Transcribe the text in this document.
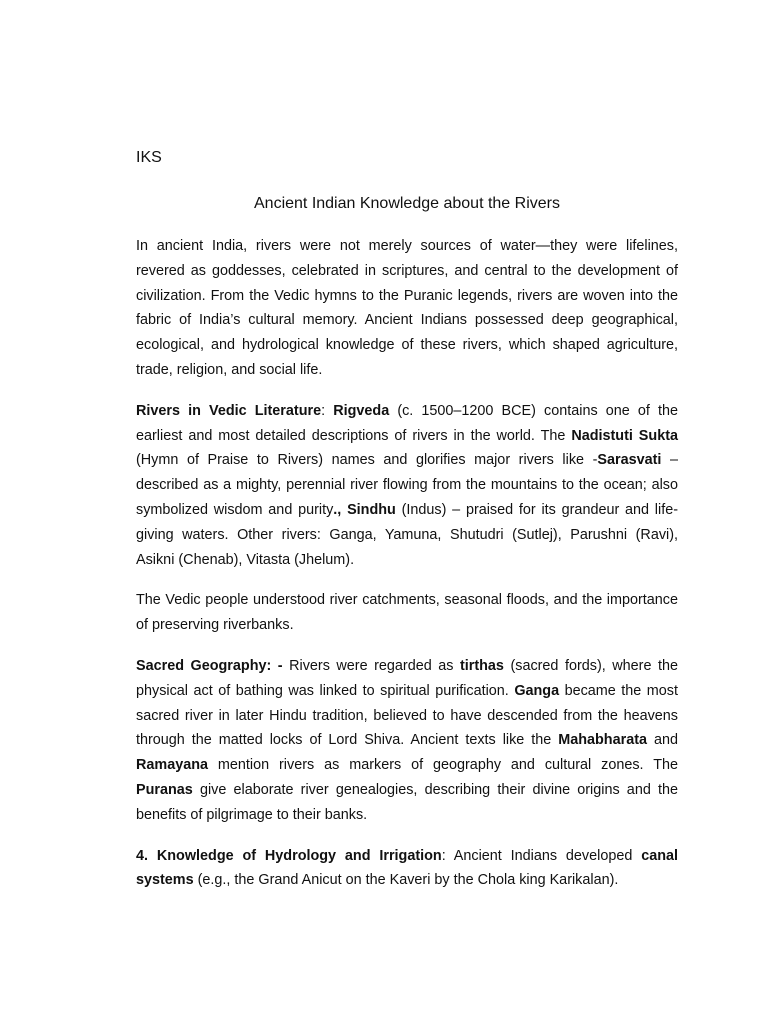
IKS
Ancient Indian Knowledge about the Rivers

In ancient India, rivers were not merely sources of water—they were lifelines, revered as goddesses, celebrated in scriptures, and central to the development of civilization. From the Vedic hymns to the Puranic legends, rivers are woven into the fabric of India’s cultural memory. Ancient Indians possessed deep geographical, ecological, and hydrological knowledge of these rivers, which shaped agriculture, trade, religion, and social life.

Rivers in Vedic Literature: Rigveda (c. 1500–1200 BCE) contains one of the earliest and most detailed descriptions of rivers in the world. The Nadistuti Sukta (Hymn of Praise to Rivers) names and glorifies major rivers like -Sarasvati – described as a mighty, perennial river flowing from the mountains to the ocean; also symbolized wisdom and purity., Sindhu (Indus) – praised for its grandeur and life-giving waters. Other rivers: Ganga, Yamuna, Shutudri (Sutlej), Parushni (Ravi), Asikni (Chenab), Vitasta (Jhelum).

The Vedic people understood river catchments, seasonal floods, and the importance of preserving riverbanks.

Sacred Geography: - Rivers were regarded as tirthas (sacred fords), where the physical act of bathing was linked to spiritual purification. Ganga became the most sacred river in later Hindu tradition, believed to have descended from the heavens through the matted locks of Lord Shiva. Ancient texts like the Mahabharata and Ramayana mention rivers as markers of geography and cultural zones. The Puranas give elaborate river genealogies, describing their divine origins and the benefits of pilgrimage to their banks.

4. Knowledge of Hydrology and Irrigation: Ancient Indians developed canal systems (e.g., the Grand Anicut on the Kaveri by the Chola king Karikalan).
